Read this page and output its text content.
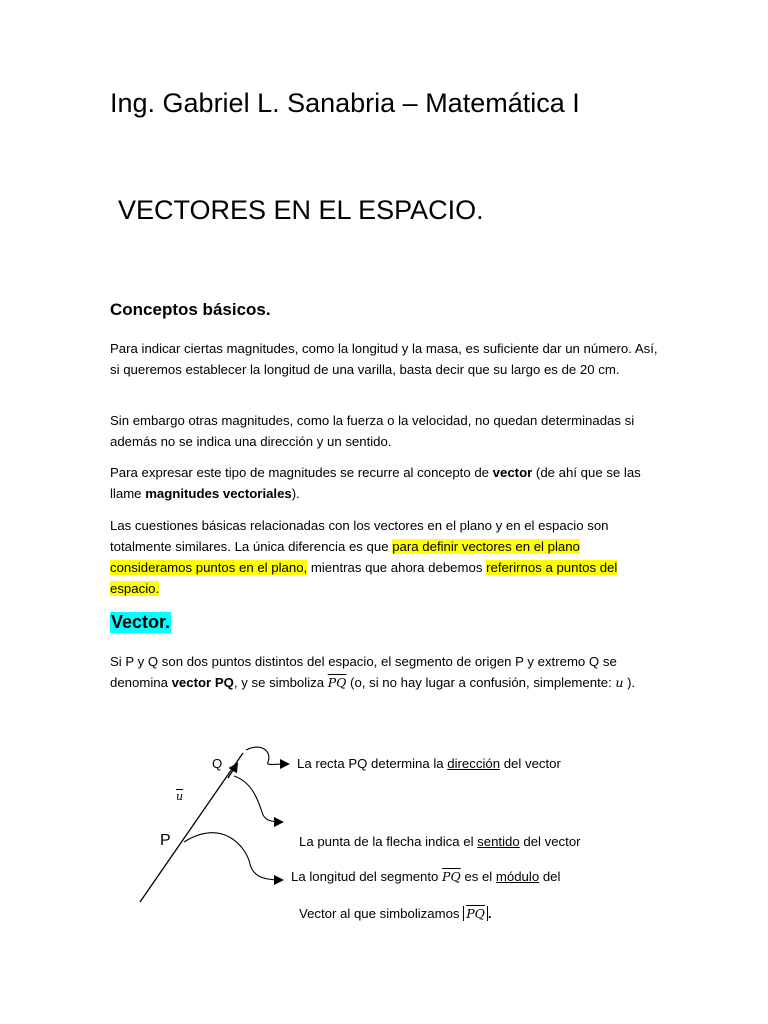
Ing. Gabriel L. Sanabria – Matemática I
VECTORES EN EL ESPACIO.
Conceptos básicos.
Para indicar ciertas magnitudes, como la longitud y la masa, es suficiente dar un número. Así, si queremos establecer la longitud de una varilla, basta decir que su largo es de 20 cm.
Sin embargo otras magnitudes, como la fuerza o la velocidad, no quedan determinadas si además no se indica una dirección y un sentido.
Para expresar este tipo de magnitudes se recurre al concepto de vector (de ahí que se las llame magnitudes vectoriales).
Las cuestiones básicas relacionadas con los vectores en el plano y en el espacio son totalmente similares. La única diferencia es que para definir vectores en el plano consideramos puntos en el plano, mientras que ahora debemos referirnos a puntos del espacio.
Vector.
Si P y Q son dos puntos distintos del espacio, el segmento de origen P y extremo Q se denomina vector PQ, y se simboliza $\overline{PQ}$ (o, si no hay lugar a confusión, simplemente: u ).
Q
$\overline{u}$
P
La recta PQ determina la dirección del vector
La punta de la flecha indica el sentido del vector
La longitud del segmento $\overline{PQ}$ es el módulo del
Vector al que simbolizamos $\overline{PQ}$ .
